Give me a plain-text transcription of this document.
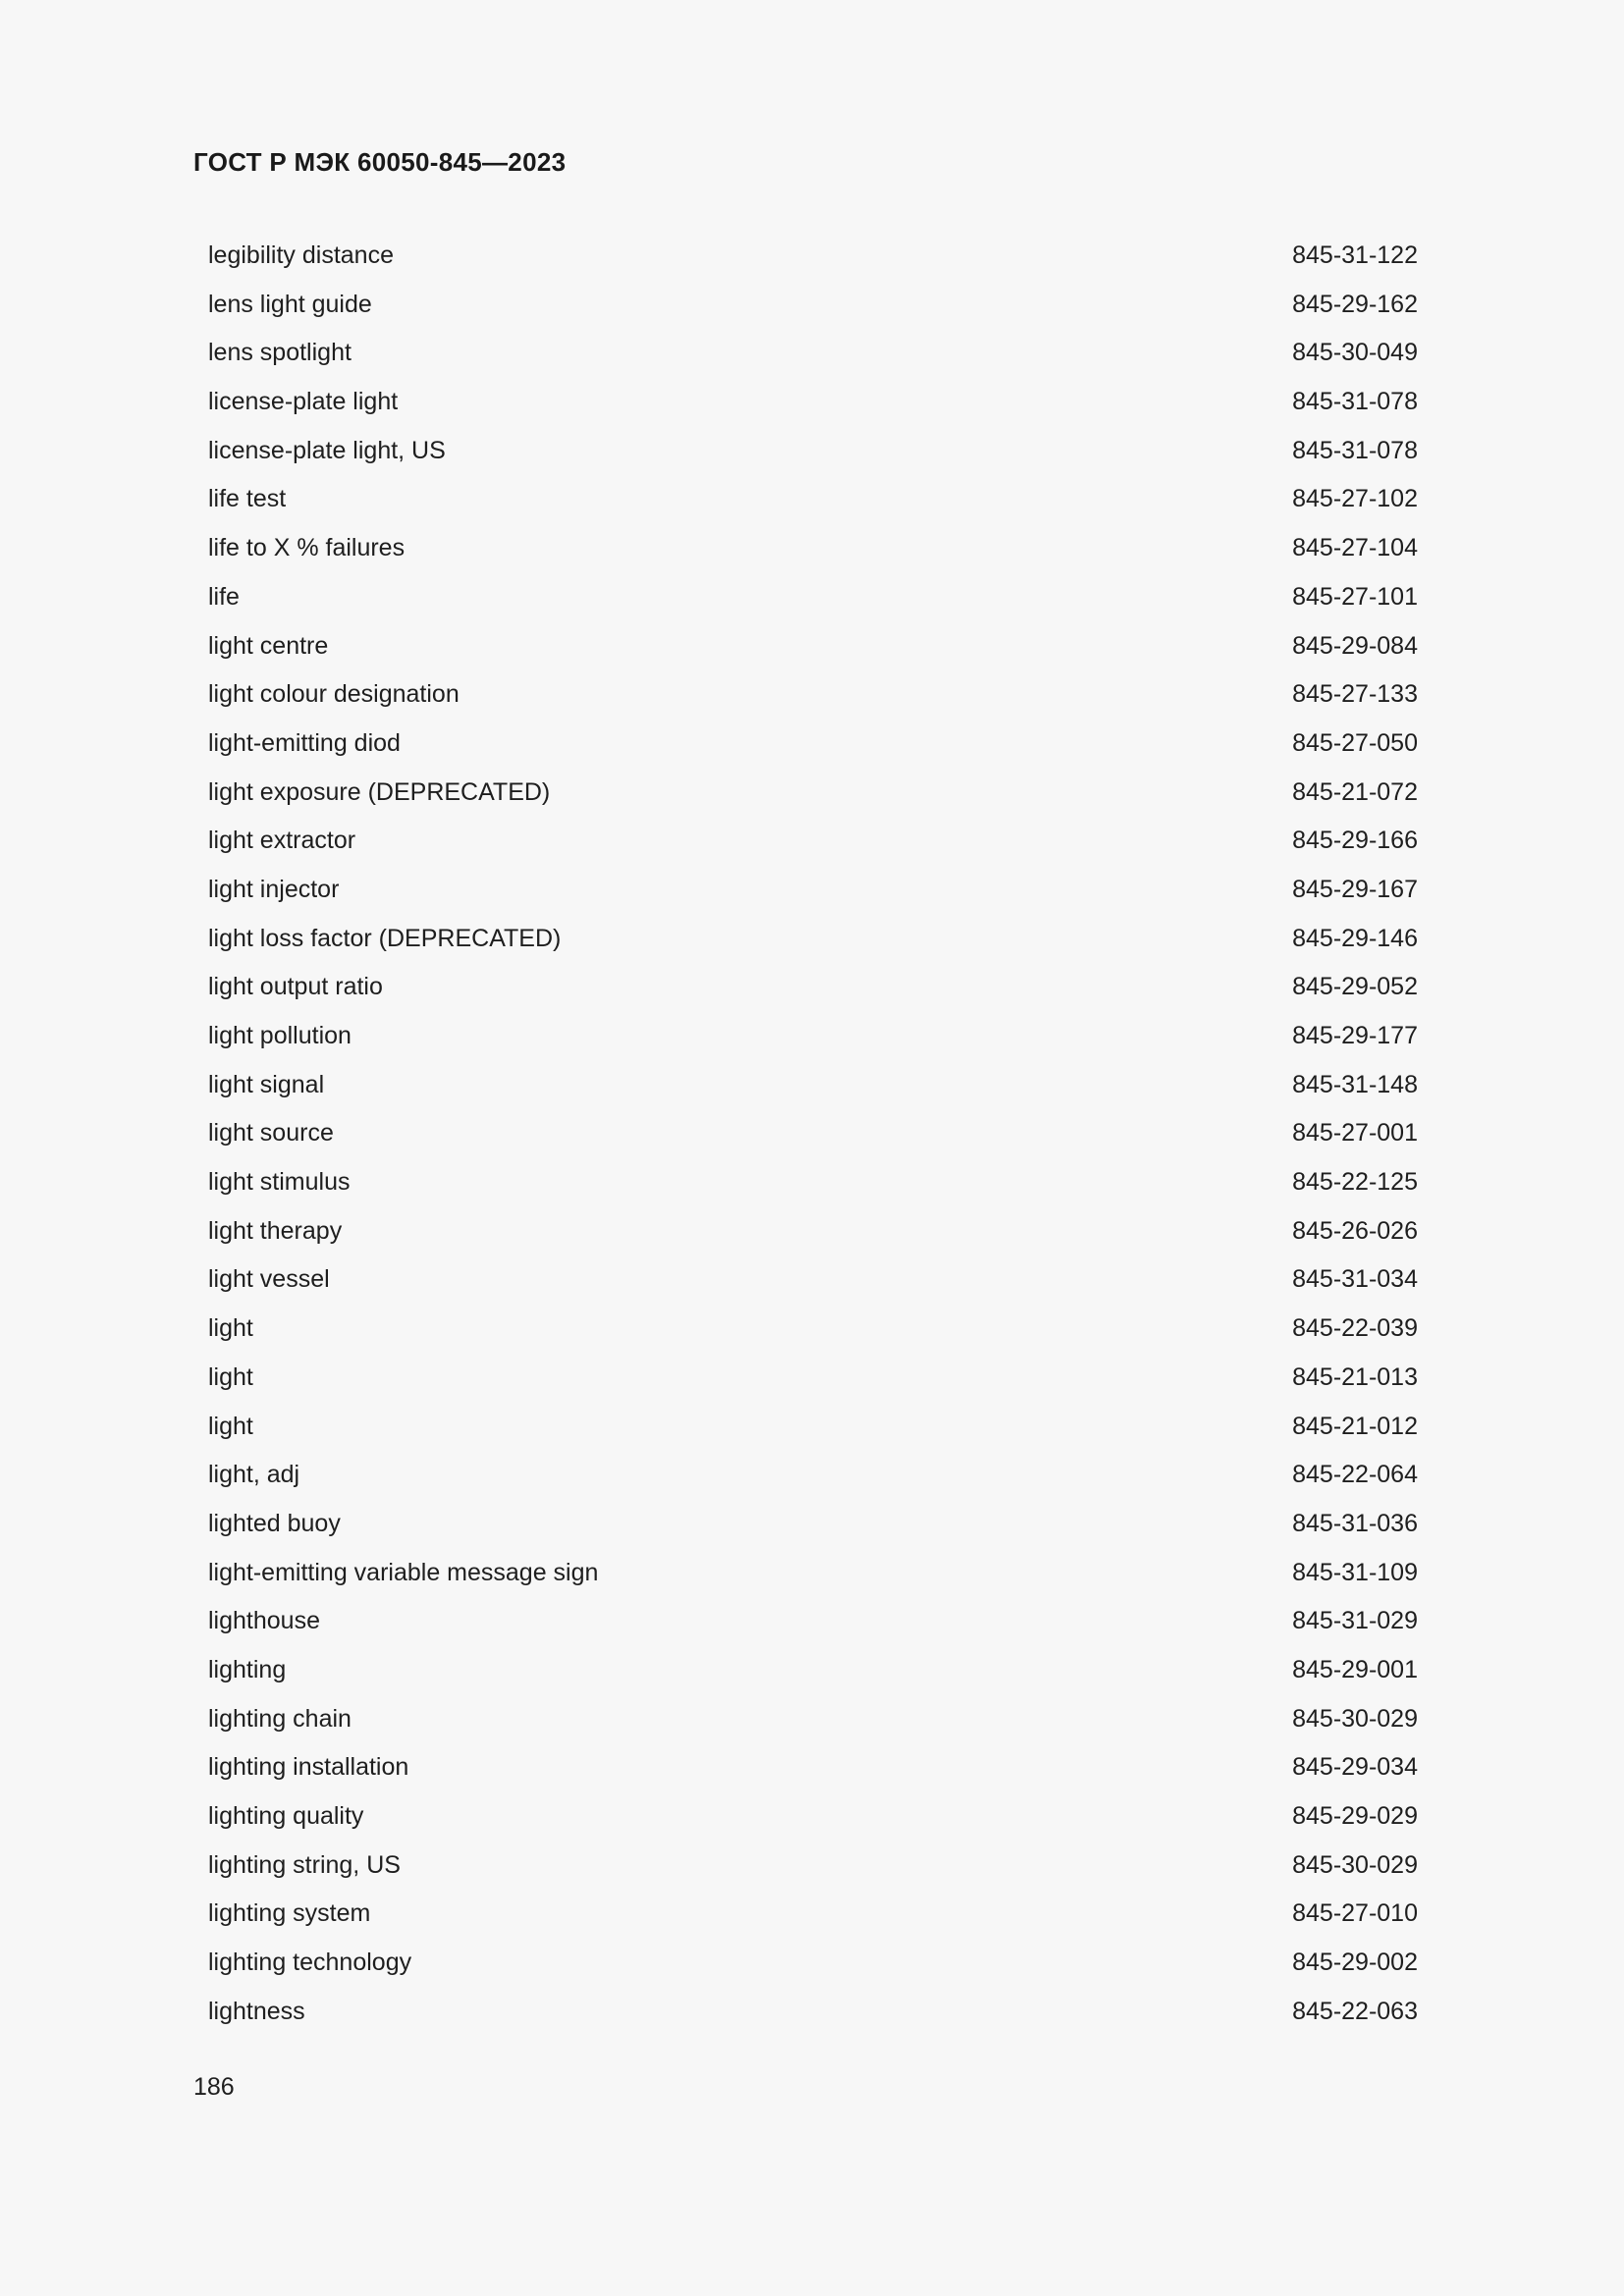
ГОСТ Р МЭК 60050-845—2023
legibility distance	845-31-122
lens light guide	845-29-162
lens spotlight	845-30-049
license-plate light	845-31-078
license-plate light, US	845-31-078
life test	845-27-102
life to X % failures	845-27-104
life	845-27-101
light centre	845-29-084
light colour designation	845-27-133
light-emitting diod	845-27-050
light exposure (DEPRECATED)	845-21-072
light extractor	845-29-166
light injector	845-29-167
light loss factor (DEPRECATED)	845-29-146
light output ratio	845-29-052
light pollution	845-29-177
light signal	845-31-148
light source	845-27-001
light stimulus	845-22-125
light therapy	845-26-026
light vessel	845-31-034
light	845-22-039
light	845-21-013
light	845-21-012
light, adj	845-22-064
lighted buoy	845-31-036
light-emitting variable message sign	845-31-109
lighthouse	845-31-029
lighting	845-29-001
lighting chain	845-30-029
lighting installation	845-29-034
lighting quality	845-29-029
lighting string, US	845-30-029
lighting system	845-27-010
lighting technology	845-29-002
lightness	845-22-063
186
